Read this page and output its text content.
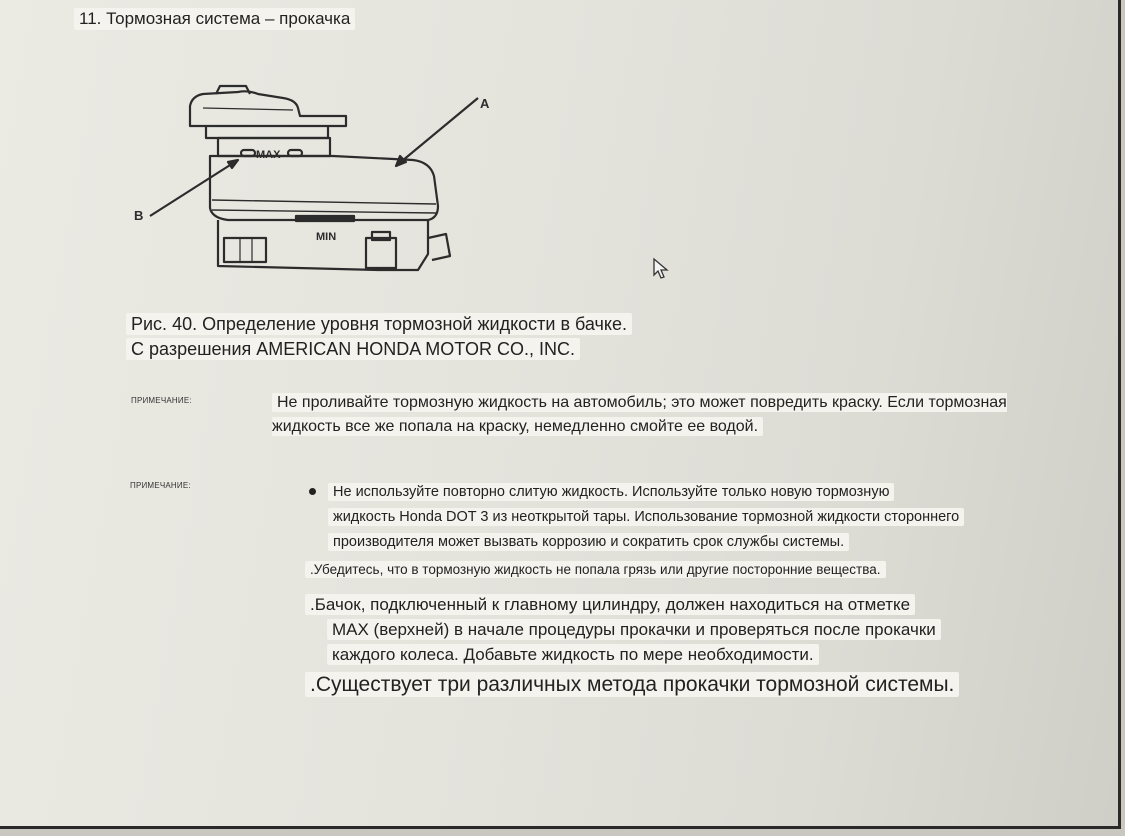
11. Тормозная система – прокачка
MAX
MIN
A
B
Рис. 40. Определение уровня тормозной жидкости в бачке.
С разрешения AMERICAN HONDA MOTOR CO., INC.
ПРИМЕЧАНИЕ:	Не проливайте тормозную жидкость на автомобиль; это может повредить краску. Если тормозная жидкость все же попала на краску, немедленно смойте ее водой.
ПРИМЕЧАНИЕ:	Не используйте повторно слитую жидкость. Используйте только новую тормозную
жидкость Honda DOT 3 из неоткрытой тары. Использование тормозной жидкости стороннего
производителя может вызвать коррозию и сократить срок службы системы.
.Убедитесь, что в тормозную жидкость не попала грязь или другие посторонние вещества.
.Бачок, подключенный к главному цилиндру, должен находиться на отметке
MAX (верхней) в начале процедуры прокачки и проверяться после прокачки
каждого колеса. Добавьте жидкость по мере необходимости.
.Существует три различных метода прокачки тормозной системы.
